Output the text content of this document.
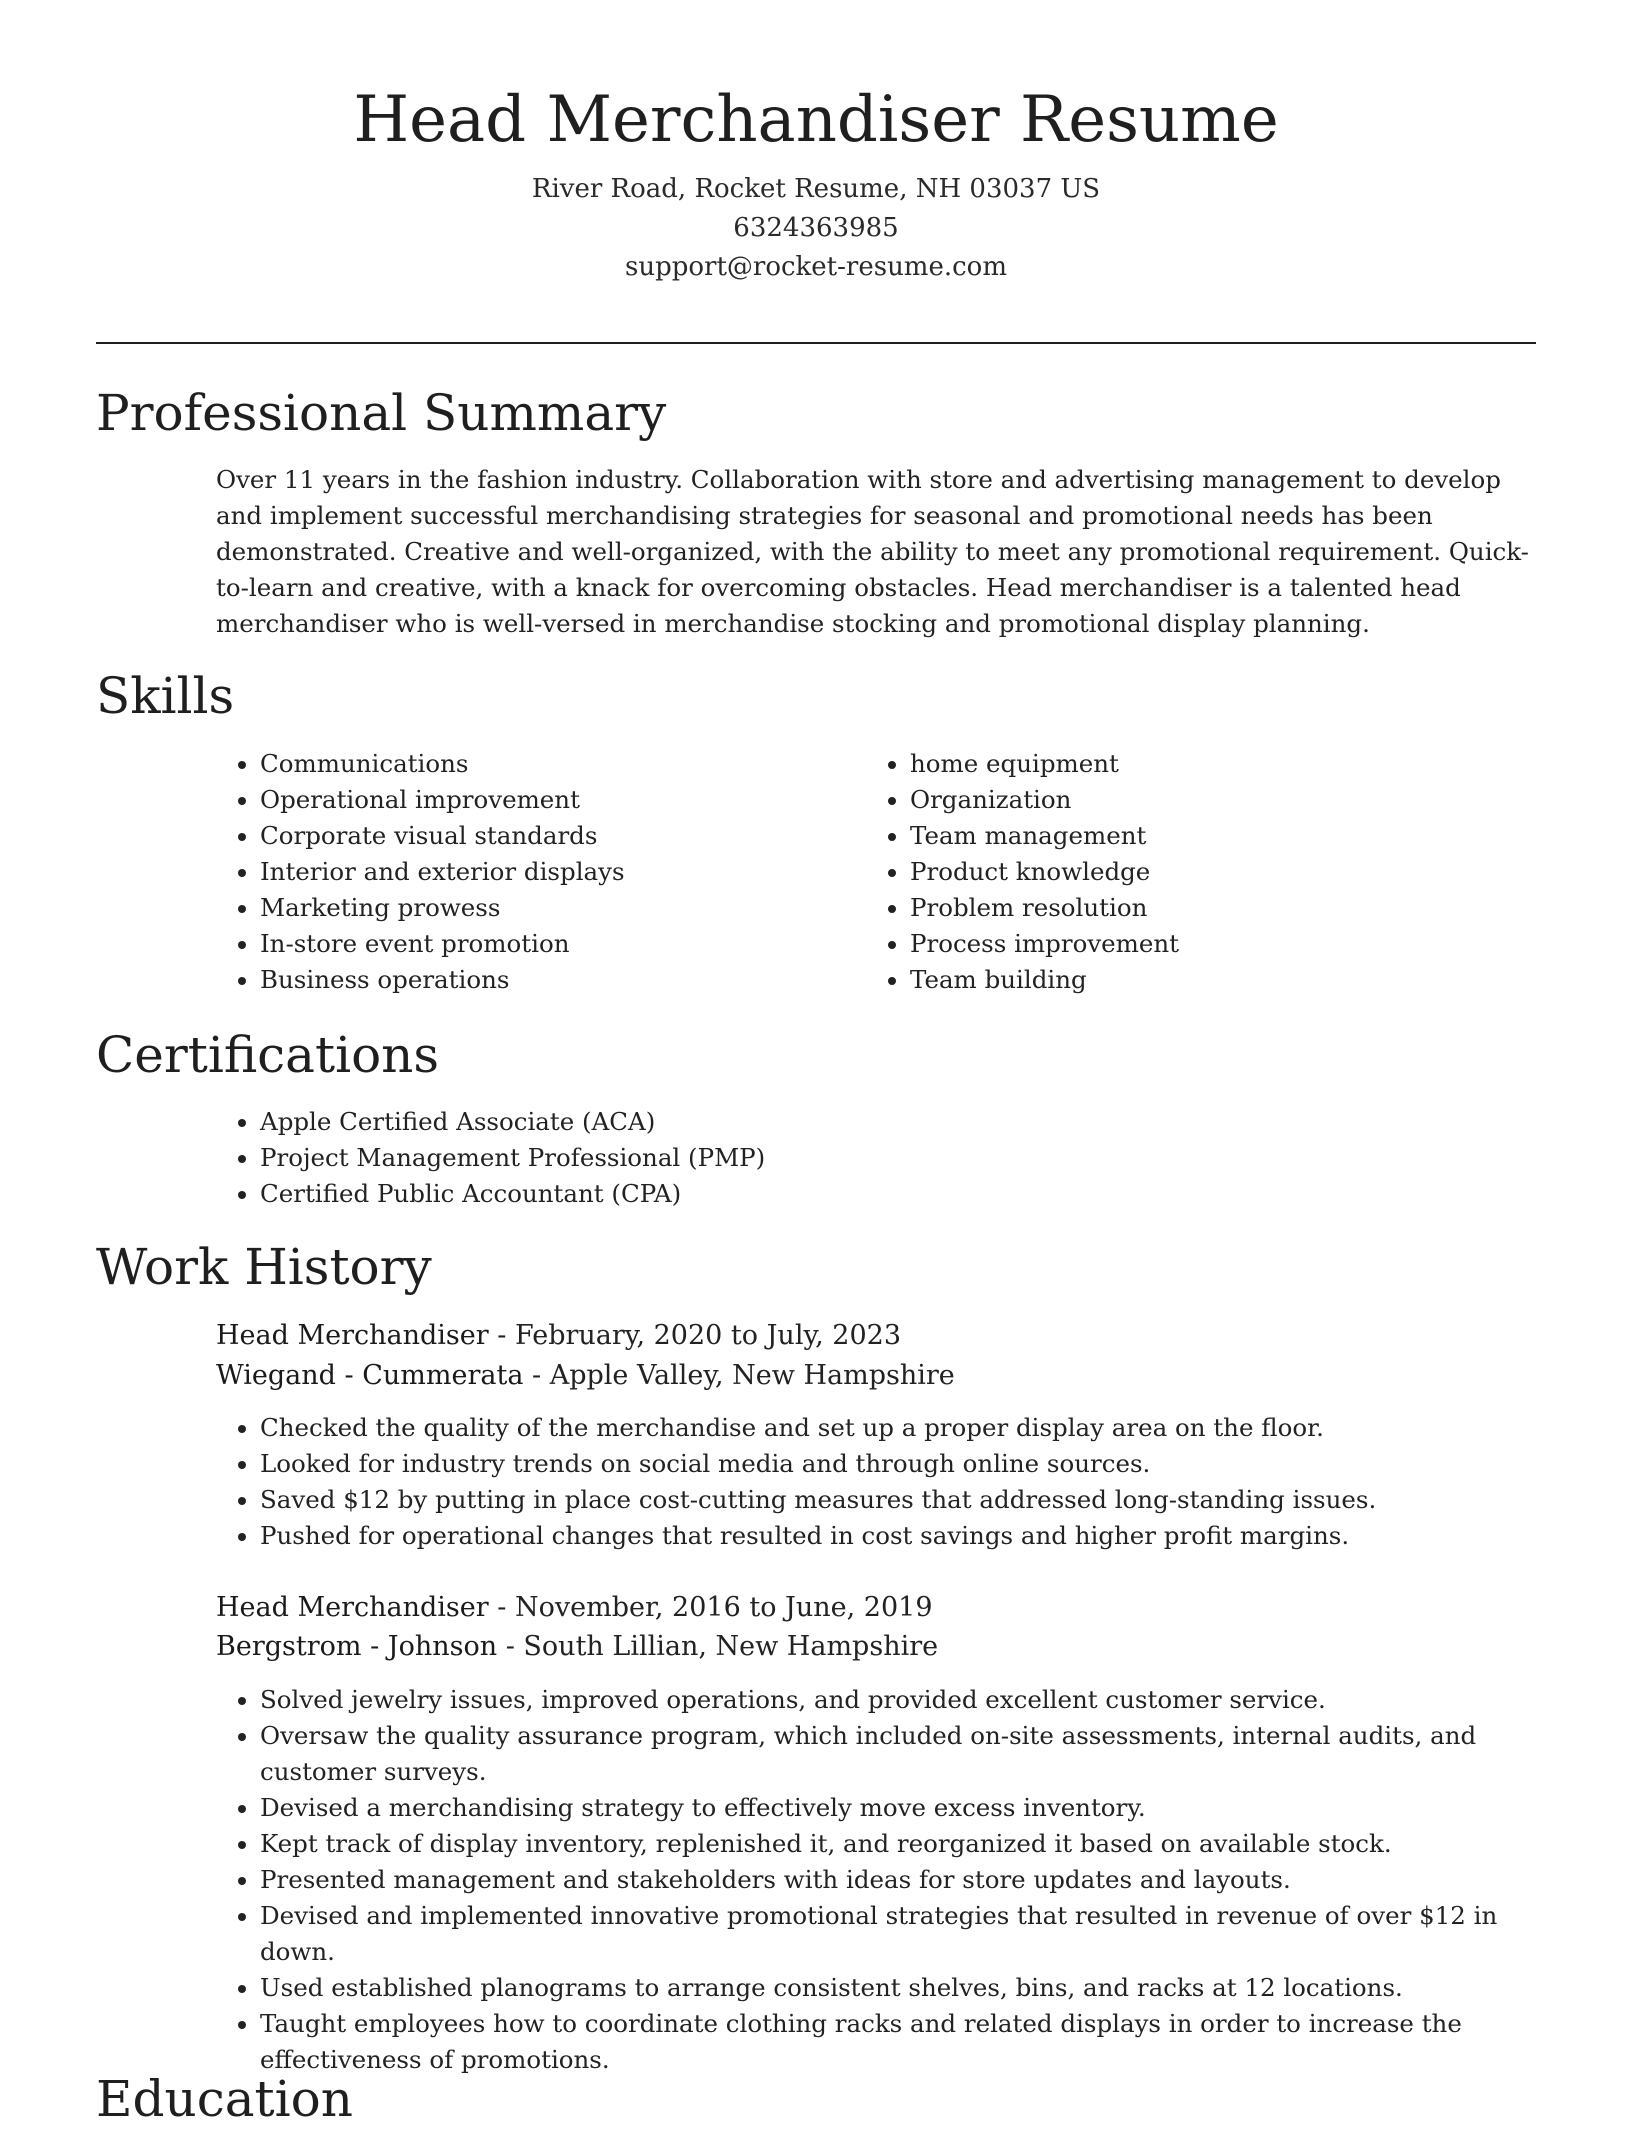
Head Merchandiser Resume
River Road, Rocket Resume, NH 03037 US
6324363985
support@rocket-resume.com
Professional Summary

Over 11 years in the fashion industry. Collaboration with store and advertising management to develop and implement successful merchandising strategies for seasonal and promotional needs has been demonstrated. Creative and well-organized, with the ability to meet any promotional requirement. Quick-to-learn and creative, with a knack for overcoming obstacles. Head merchandiser is a talented head merchandiser who is well-versed in merchandise stocking and promotional display planning.

Skills
• Communications
• Operational improvement
• Corporate visual standards
• Interior and exterior displays
• Marketing prowess
• In-store event promotion
• Business operations
• home equipment
• Organization
• Team management
• Product knowledge
• Problem resolution
• Process improvement
• Team building
Certifications
• Apple Certified Associate (ACA)
• Project Management Professional (PMP)
• Certified Public Accountant (CPA)
Work History
Head Merchandiser - February, 2020 to July, 2023
Wiegand - Cummerata - Apple Valley, New Hampshire
• Checked the quality of the merchandise and set up a proper display area on the floor.
• Looked for industry trends on social media and through online sources.
• Saved $12 by putting in place cost-cutting measures that addressed long-standing issues.
• Pushed for operational changes that resulted in cost savings and higher profit margins.
Head Merchandiser - November, 2016 to June, 2019
Bergstrom - Johnson - South Lillian, New Hampshire
• Solved jewelry issues, improved operations, and provided excellent customer service.
• Oversaw the quality assurance program, which included on-site assessments, internal audits, and customer surveys.
• Devised a merchandising strategy to effectively move excess inventory.
• Kept track of display inventory, replenished it, and reorganized it based on available stock.
• Presented management and stakeholders with ideas for store updates and layouts.
• Devised and implemented innovative promotional strategies that resulted in revenue of over $12 in down.
• Used established planograms to arrange consistent shelves, bins, and racks at 12 locations.
• Taught employees how to coordinate clothing racks and related displays in order to increase the effectiveness of promotions.
Education
